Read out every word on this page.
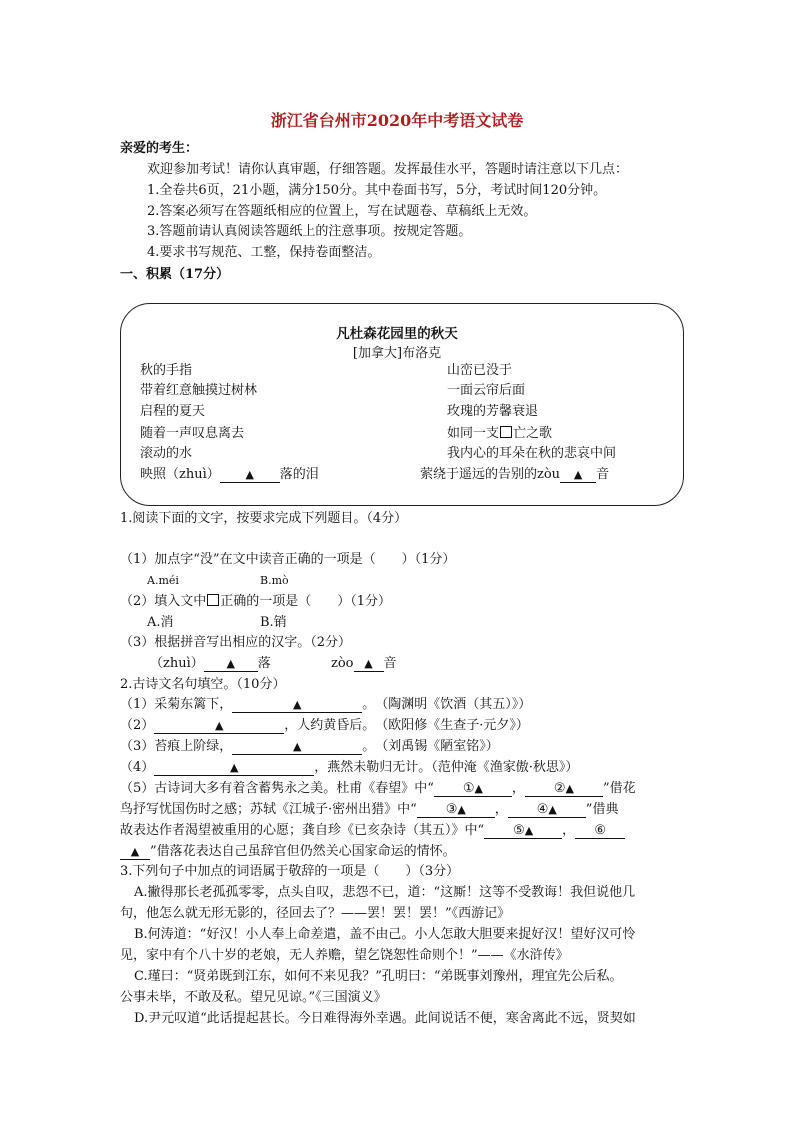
浙江省台州市2020年中考语文试卷
亲爱的考生：
欢迎参加考试！请你认真审题，仔细答题。发挥最佳水平，答题时请注意以下几点：
1.全卷共6页，21小题，满分150分。其中卷面书写，5分，考试时间120分钟。
2.答案必须写在答题纸相应的位置上，写在试题卷、草稿纸上无效。
3.答题前请认真阅读答题纸上的注意事项。按规定答题。
4.要求书写规范、工整，保持卷面整洁。
一、积累（17分）
凡杜森花园里的秋天
[加拿大]布洛克
秋的手指
带着红意触摸过树林
启程的夏天
随着一声叹息离去
滚动的水
映照（zhuì） ▲ 落的泪
山峦已没于
一面云帘后面
玫瑰的芳馨衰退
如同一支 亡之歌
我内心的耳朵在秋的悲哀中间
萦绕于遥远的告别的zòu ▲ 音
1.阅读下面的文字，按要求完成下列题目。（4分）
（1）加点字“没”在文中读音正确的一项是（　　）（1分）
A.méi	B.mò
（2）填入文中 正确的一项是（　　）（1分）
A.消	B.销
（3）根据拼音写出相应的汉字。（2分）
（zhuì） ▲ 落	zòo ▲ 音
2.古诗文名句填空。（10分）
（1）采菊东篱下，	▲	。　（陶渊明《饮酒（其五）》）
（2）	▲	，人约黄昏后。　（欧阳修《生查子·元夕》）
（3）苔痕上阶绿，	▲	。　（刘禹锡《陋室铭》）
（4）	▲	，燕然未勒归无计。（范仲淹《渔家傲·秋思》）
（5）古诗词大多有着含蓄隽永之美。杜甫《春望》中“ ①▲ ， ②▲ ”借花
鸟抒写忧国伤时之感；苏轼《江城子·密州出猎》中“ ③▲ ， ④▲ ”借典
故表达作者渴望被重用的心愿；龚自珍《已亥杂诗（其五）》中“ ⑤▲ ， ⑥
▲ ”借落花表达自己虽辞官但仍然关心国家命运的情怀。
3.下列句子中加点的词语属于敬辞的一项是（　　）（3分）
A.撇得那长老孤孤零零，点头自叹，悲怨不已，道：“这厮！这等不受教诲！我但说他几
句，他怎么就无形无影的，径回去了？——罢！罢！罢！”《西游记》
B.何涛道：“好汉！小人奉上命差遣，盖不由己。小人怎敢大胆要来捉好汉！望好汉可怜
见，家中有个八十岁的老娘，无人养赡，望乞饶恕性命则个！”——《水浒传》
C.瑾曰：“贤弟既到江东，如何不来见我？”孔明曰：“弟既事刘豫州，理宜先公后私。
公事未毕，不敢及私。望兄见谅。”《三国演义》
D.尹元叹道“此话提起甚长。今日难得海外幸遇。此间说话不便，寒舍离此不远，贤契如
